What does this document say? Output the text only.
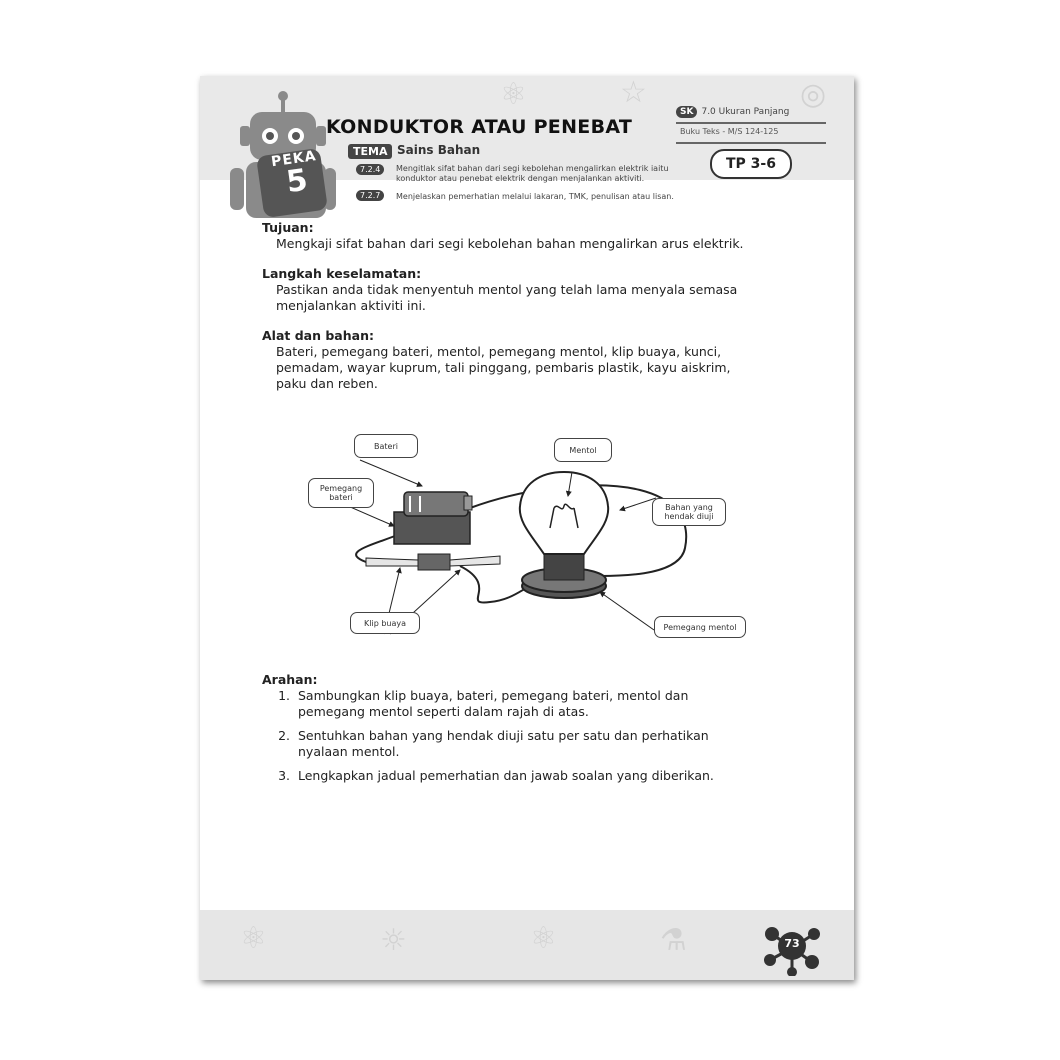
⚛	☆	◎
PEKA
5
KONDUKTOR ATAU PENEBAT
TEMA Sains Bahan
7.2.4	Mengitlak sifat bahan dari segi kebolehan mengalirkan elektrik iaitu konduktor atau penebat elektrik dengan menjalankan aktiviti.
7.2.7	Menjelaskan pemerhatian melalui lakaran, TMK, penulisan atau lisan.
SK 7.0 Ukuran Panjang
Buku Teks - M/S 124-125
TP 3-6
Tujuan:
Mengkaji sifat bahan dari segi kebolehan bahan mengalirkan arus elektrik.
Langkah keselamatan:
Pastikan anda tidak menyentuh mentol yang telah lama menyala semasa
menjalankan aktiviti ini.
Alat dan bahan:
Bateri, pemegang bateri, mentol, pemegang mentol, klip buaya, kunci,
pemadam, wayar kuprum, tali pinggang, pembaris plastik, kayu aiskrim,
paku dan reben.
Bateri
Pemegang
bateri
Mentol
Bahan yang
hendak diuji
Klip buaya	Pemegang mentol
Arahan:
1. Sambungkan klip buaya, bateri, pemegang bateri, mentol dan pemegang mentol seperti dalam rajah di atas.
2. Sentuhkan bahan yang hendak diuji satu per satu dan perhatikan nyalaan mentol.
3. Lengkapkan jadual pemerhatian dan jawab soalan yang diberikan.
⚛	☼	⚛	⚗	73
